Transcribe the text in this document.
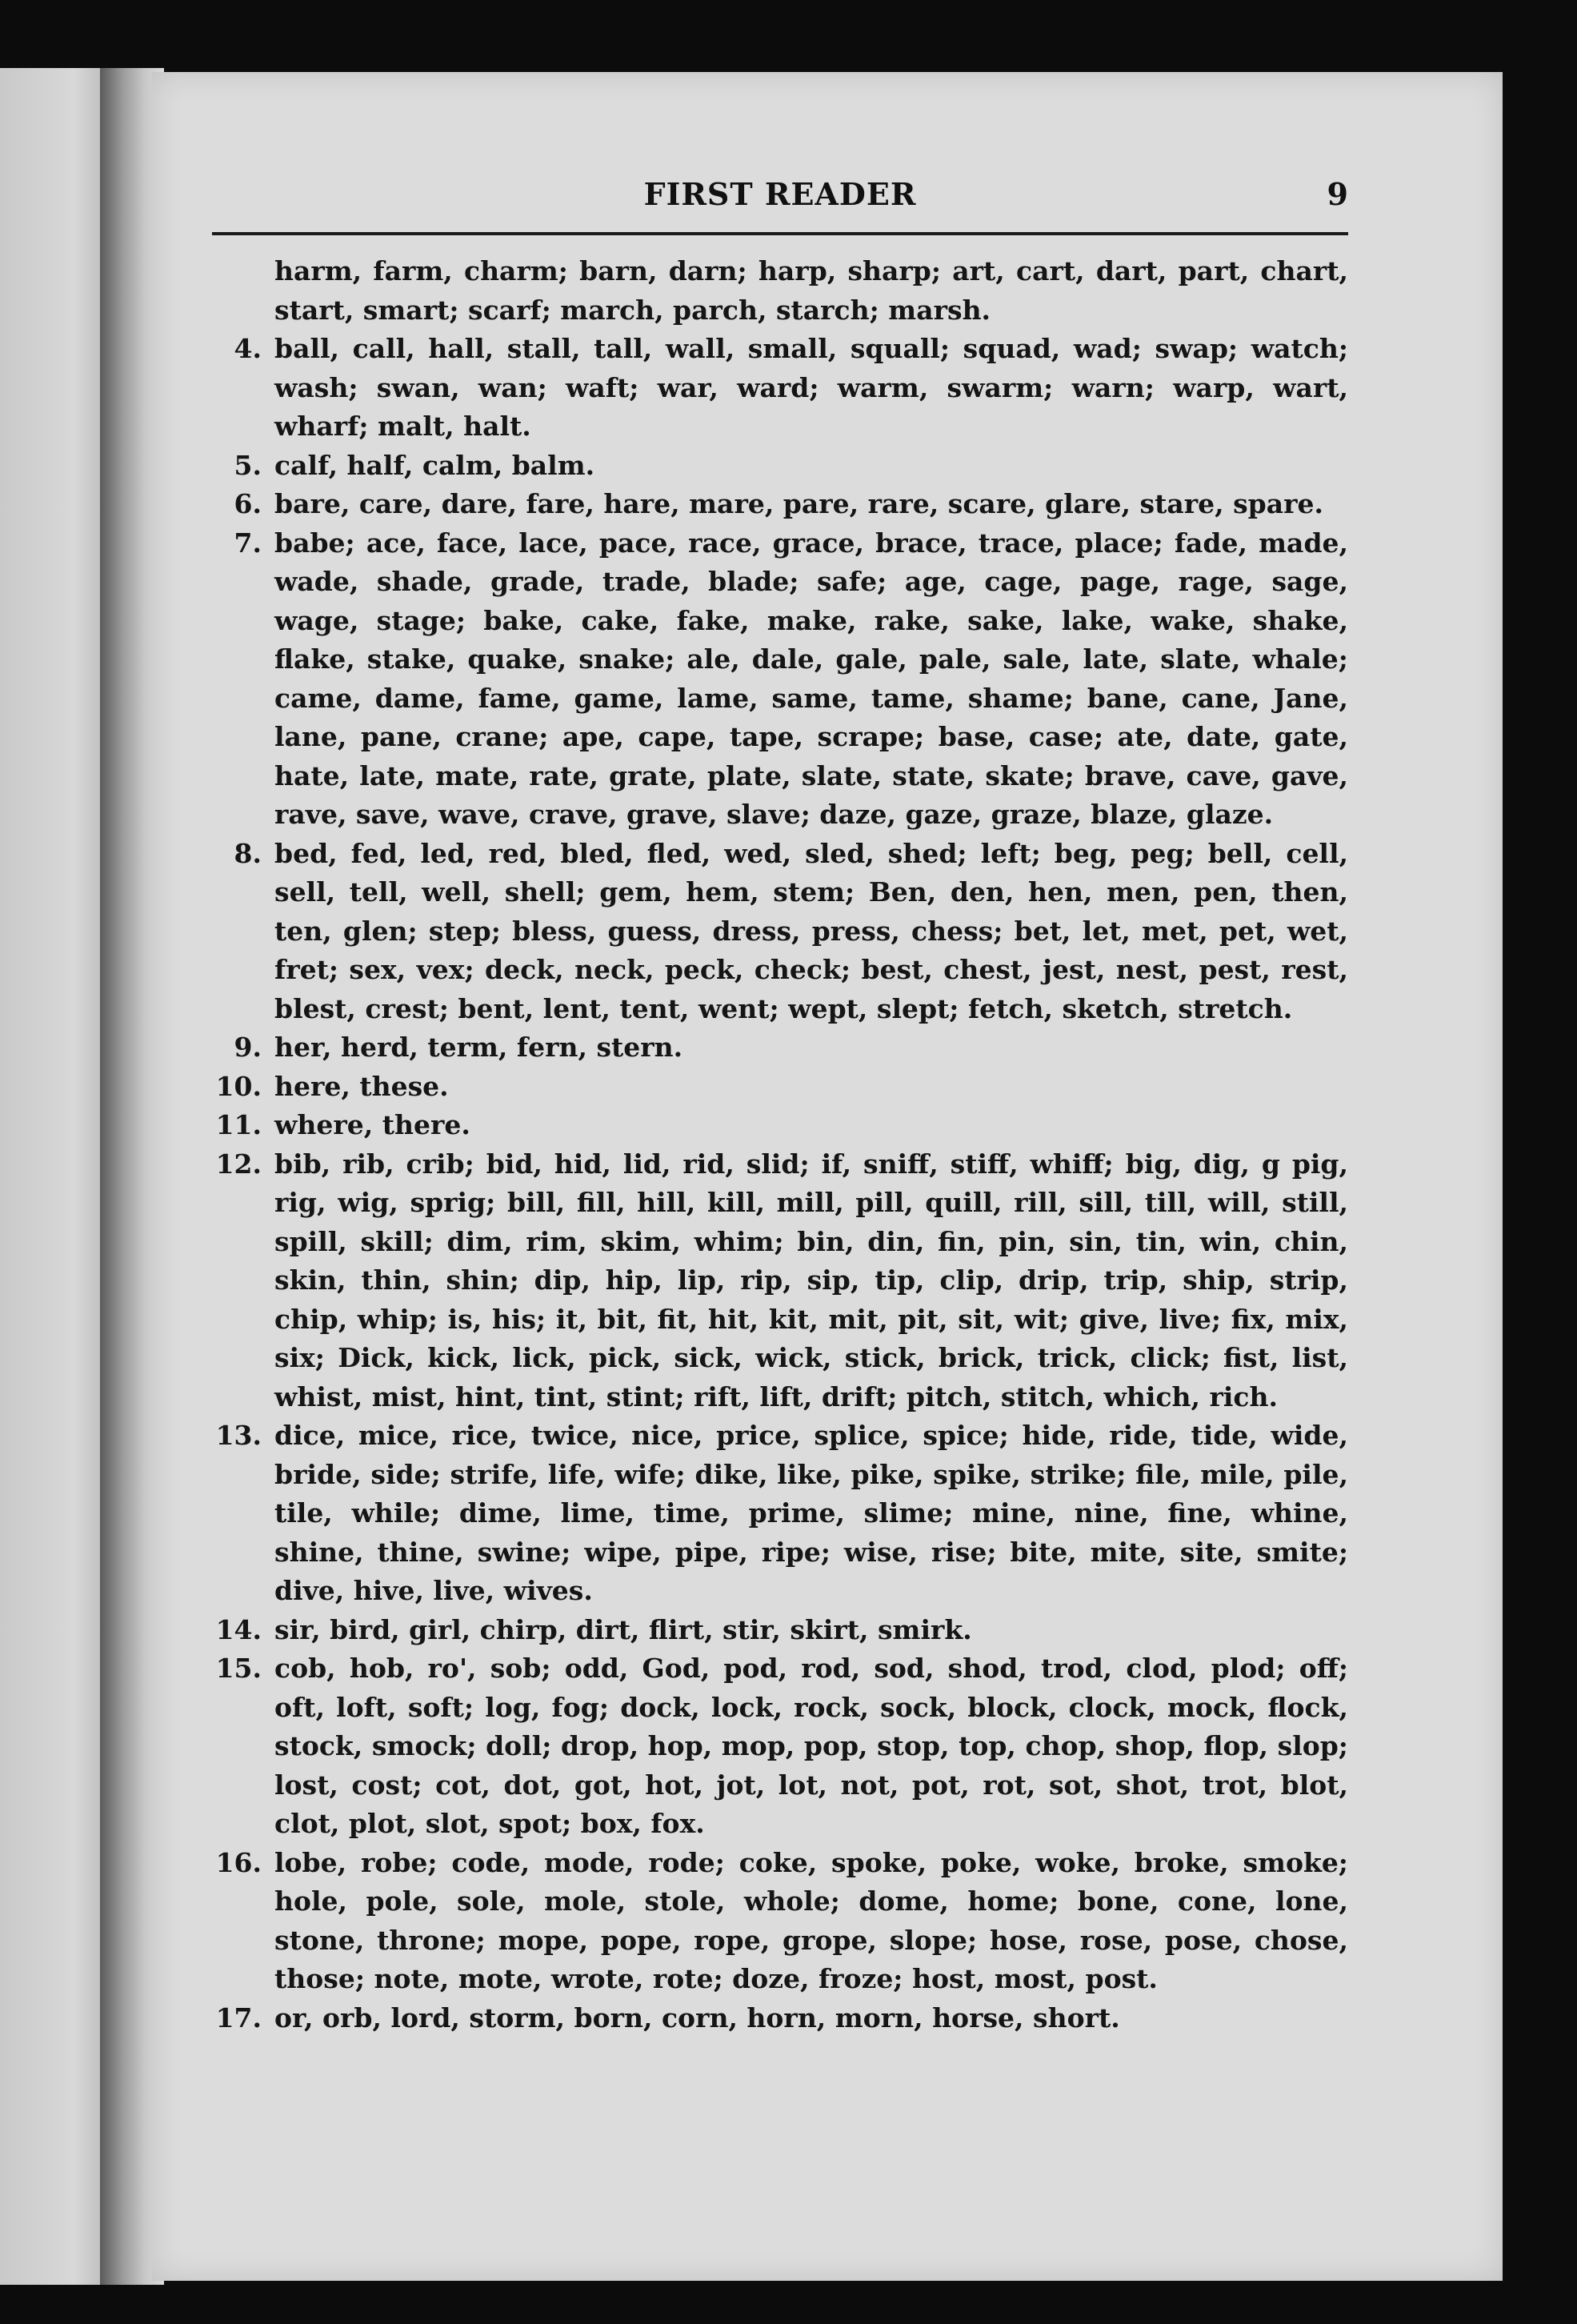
FIRST READER	9
harm, farm, charm; barn, darn; harp, sharp; art, cart, dart, part, chart, start, smart; scarf; march, parch, starch; marsh.
4. ball, call, hall, stall, tall, wall, small, squall; squad, wad; swap; watch; wash; swan, wan; waft; war, ward; warm, swarm; warn; warp, wart, wharf; malt, halt.
5. calf, half, calm, balm.
6. bare, care, dare, fare, hare, mare, pare, rare, scare, glare, stare, spare.
7. babe; ace, face, lace, pace, race, grace, brace, trace, place; fade, made, wade, shade, grade, trade, blade; safe; age, cage, page, rage, sage, wage, stage; bake, cake, fake, make, rake, sake, lake, wake, shake, flake, stake, quake, snake; ale, dale, gale, pale, sale, late, slate, whale; came, dame, fame, game, lame, same, tame, shame; bane, cane, Jane, lane, pane, crane; ape, cape, tape, scrape; base, case; ate, date, gate, hate, late, mate, rate, grate, plate, slate, state, skate; brave, cave, gave, rave, save, wave, crave, grave, slave; daze, gaze, graze, blaze, glaze.
8. bed, fed, led, red, bled, fled, wed, sled, shed; left; beg, peg; bell, cell, sell, tell, well, shell; gem, hem, stem; Ben, den, hen, men, pen, then, ten, glen; step; bless, guess, dress, press, chess; bet, let, met, pet, wet, fret; sex, vex; deck, neck, peck, check; best, chest, jest, nest, pest, rest, blest, crest; bent, lent, tent, went; wept, slept; fetch, sketch, stretch.
9. her, herd, term, fern, stern.
10. here, these.
11. where, there.
12. bib, rib, crib; bid, hid, lid, rid, slid; if, sniff, stiff, whiff; big, dig, g pig, rig, wig, sprig; bill, fill, hill, kill, mill, pill, quill, rill, sill, till, will, still, spill, skill; dim, rim, skim, whim; bin, din, fin, pin, sin, tin, win, chin, skin, thin, shin; dip, hip, lip, rip, sip, tip, clip, drip, trip, ship, strip, chip, whip; is, his; it, bit, fit, hit, kit, mit, pit, sit, wit; give, live; fix, mix, six; Dick, kick, lick, pick, sick, wick, stick, brick, trick, click; fist, list, whist, mist, hint, tint, stint; rift, lift, drift; pitch, stitch, which, rich.
13. dice, mice, rice, twice, nice, price, splice, spice; hide, ride, tide, wide, bride, side; strife, life, wife; dike, like, pike, spike, strike; file, mile, pile, tile, while; dime, lime, time, prime, slime; mine, nine, fine, whine, shine, thine, swine; wipe, pipe, ripe; wise, rise; bite, mite, site, smite; dive, hive, live, wives.
14. sir, bird, girl, chirp, dirt, flirt, stir, skirt, smirk.
15. cob, hob, ro', sob; odd, God, pod, rod, sod, shod, trod, clod, plod; off; oft, loft, soft; log, fog; dock, lock, rock, sock, block, clock, mock, flock, stock, smock; doll; drop, hop, mop, pop, stop, top, chop, shop, flop, slop; lost, cost; cot, dot, got, hot, jot, lot, not, pot, rot, sot, shot, trot, blot, clot, plot, slot, spot; box, fox.
16. lobe, robe; code, mode, rode; coke, spoke, poke, woke, broke, smoke; hole, pole, sole, mole, stole, whole; dome, home; bone, cone, lone, stone, throne; mope, pope, rope, grope, slope; hose, rose, pose, chose, those; note, mote, wrote, rote; doze, froze; host, most, post.
17. or, orb, lord, storm, born, corn, horn, morn, horse, short.
